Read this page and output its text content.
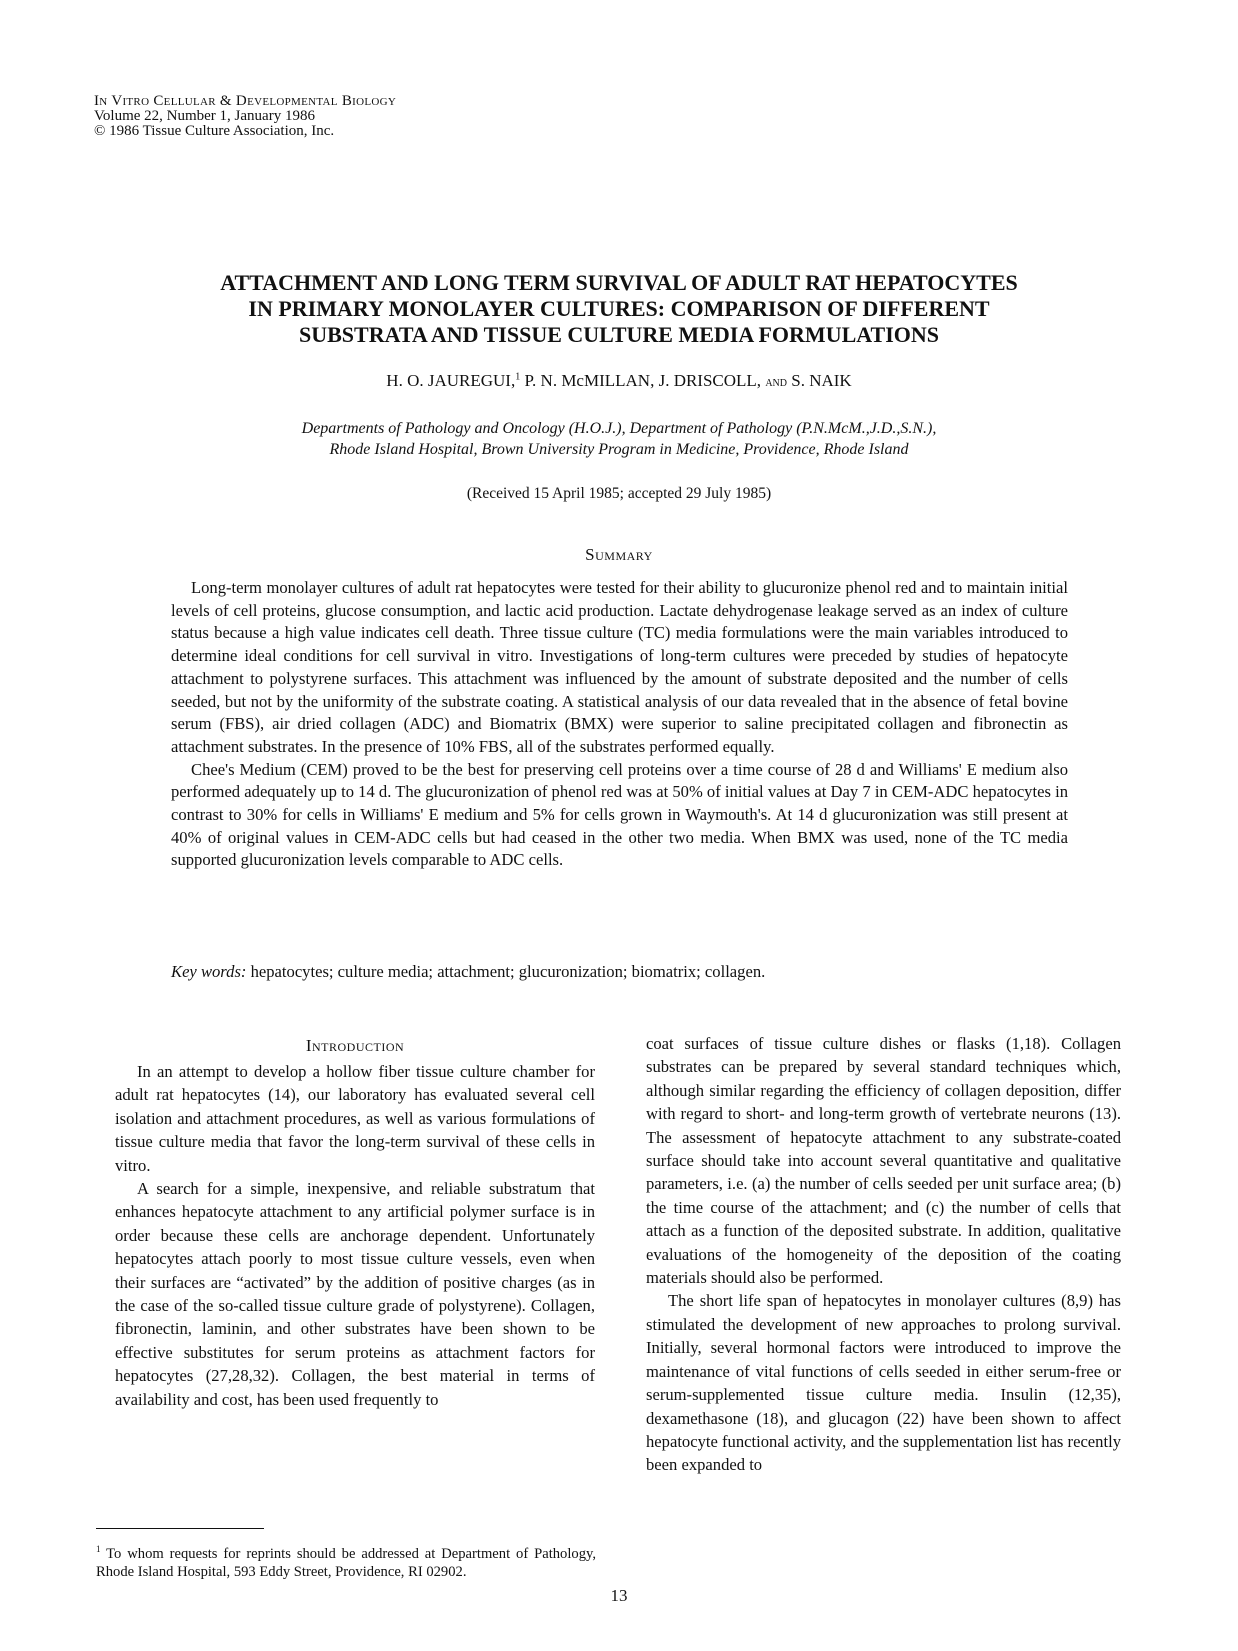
In Vitro Cellular & Developmental Biology
Volume 22, Number 1, January 1986
© 1986 Tissue Culture Association, Inc.
ATTACHMENT AND LONG TERM SURVIVAL OF ADULT RAT HEPATOCYTES
IN PRIMARY MONOLAYER CULTURES: COMPARISON OF DIFFERENT
SUBSTRATA AND TISSUE CULTURE MEDIA FORMULATIONS
H. O. JAUREGUI,$^1$ P. N. McMILLAN, J. DRISCOLL, and S. NAIK
Departments of Pathology and Oncology (H.O.J.), Department of Pathology (P.N.McM.,J.D.,S.N.),
Rhode Island Hospital, Brown University Program in Medicine, Providence, Rhode Island
(Received 15 April 1985; accepted 29 July 1985)
Summary

Long-term monolayer cultures of adult rat hepatocytes were tested for their ability to glucuronize phenol red and to maintain initial levels of cell proteins, glucose consumption, and lactic acid production. Lactate dehydrogenase leakage served as an index of culture status because a high value indicates cell death. Three tissue culture (TC) media formulations were the main variables introduced to determine ideal conditions for cell survival in vitro. Investigations of long-term cultures were preceded by studies of hepatocyte attachment to polystyrene surfaces. This attachment was influenced by the amount of substrate deposited and the number of cells seeded, but not by the uniformity of the substrate coating. A statistical analysis of our data revealed that in the absence of fetal bovine serum (FBS), air dried collagen (ADC) and Biomatrix (BMX) were superior to saline precipitated collagen and fibronectin as attachment substrates. In the presence of 10% FBS, all of the substrates performed equally.

Chee's Medium (CEM) proved to be the best for preserving cell proteins over a time course of 28 d and Williams' E medium also performed adequately up to 14 d. The glucuronization of phenol red was at 50% of initial values at Day 7 in CEM-ADC hepatocytes in contrast to 30% for cells in Williams' E medium and 5% for cells grown in Waymouth's. At 14 d glucuronization was still present at 40% of original values in CEM-ADC cells but had ceased in the other two media. When BMX was used, none of the TC media supported glucuronization levels comparable to ADC cells.

Key words: hepatocytes; culture media; attachment; glucuronization; biomatrix; collagen.
Introduction

In an attempt to develop a hollow fiber tissue culture chamber for adult rat hepatocytes (14), our laboratory has evaluated several cell isolation and attachment procedures, as well as various formulations of tissue culture media that favor the long-term survival of these cells in vitro.

A search for a simple, inexpensive, and reliable substratum that enhances hepatocyte attachment to any artificial polymer surface is in order because these cells are anchorage dependent. Unfortunately hepatocytes attach poorly to most tissue culture vessels, even when their surfaces are “activated” by the addition of positive charges (as in the case of the so-called tissue culture grade of polystyrene). Collagen, fibronectin, laminin, and other substrates have been shown to be effective substitutes for serum proteins as attachment factors for hepatocytes (27,28,32). Collagen, the best material in terms of availability and cost, has been used frequently to

coat surfaces of tissue culture dishes or flasks (1,18). Collagen substrates can be prepared by several standard techniques which, although similar regarding the efficiency of collagen deposition, differ with regard to short- and long-term growth of vertebrate neurons (13). The assessment of hepatocyte attachment to any substrate-coated surface should take into account several quantitative and qualitative parameters, i.e. (a) the number of cells seeded per unit surface area; (b) the time course of the attachment; and (c) the number of cells that attach as a function of the deposited substrate. In addition, qualitative evaluations of the homogeneity of the deposition of the coating materials should also be performed.

The short life span of hepatocytes in monolayer cultures (8,9) has stimulated the development of new approaches to prolong survival. Initially, several hormonal factors were introduced to improve the maintenance of vital functions of cells seeded in either serum-free or serum-supplemented tissue culture media. Insulin (12,35), dexamethasone (18), and glucagon (22) have been shown to affect hepatocyte functional activity, and the supplementation list has recently been expanded to

$^1$ To whom requests for reprints should be addressed at Department of Pathology, Rhode Island Hospital, 593 Eddy Street, Providence, RI 02902.
13
